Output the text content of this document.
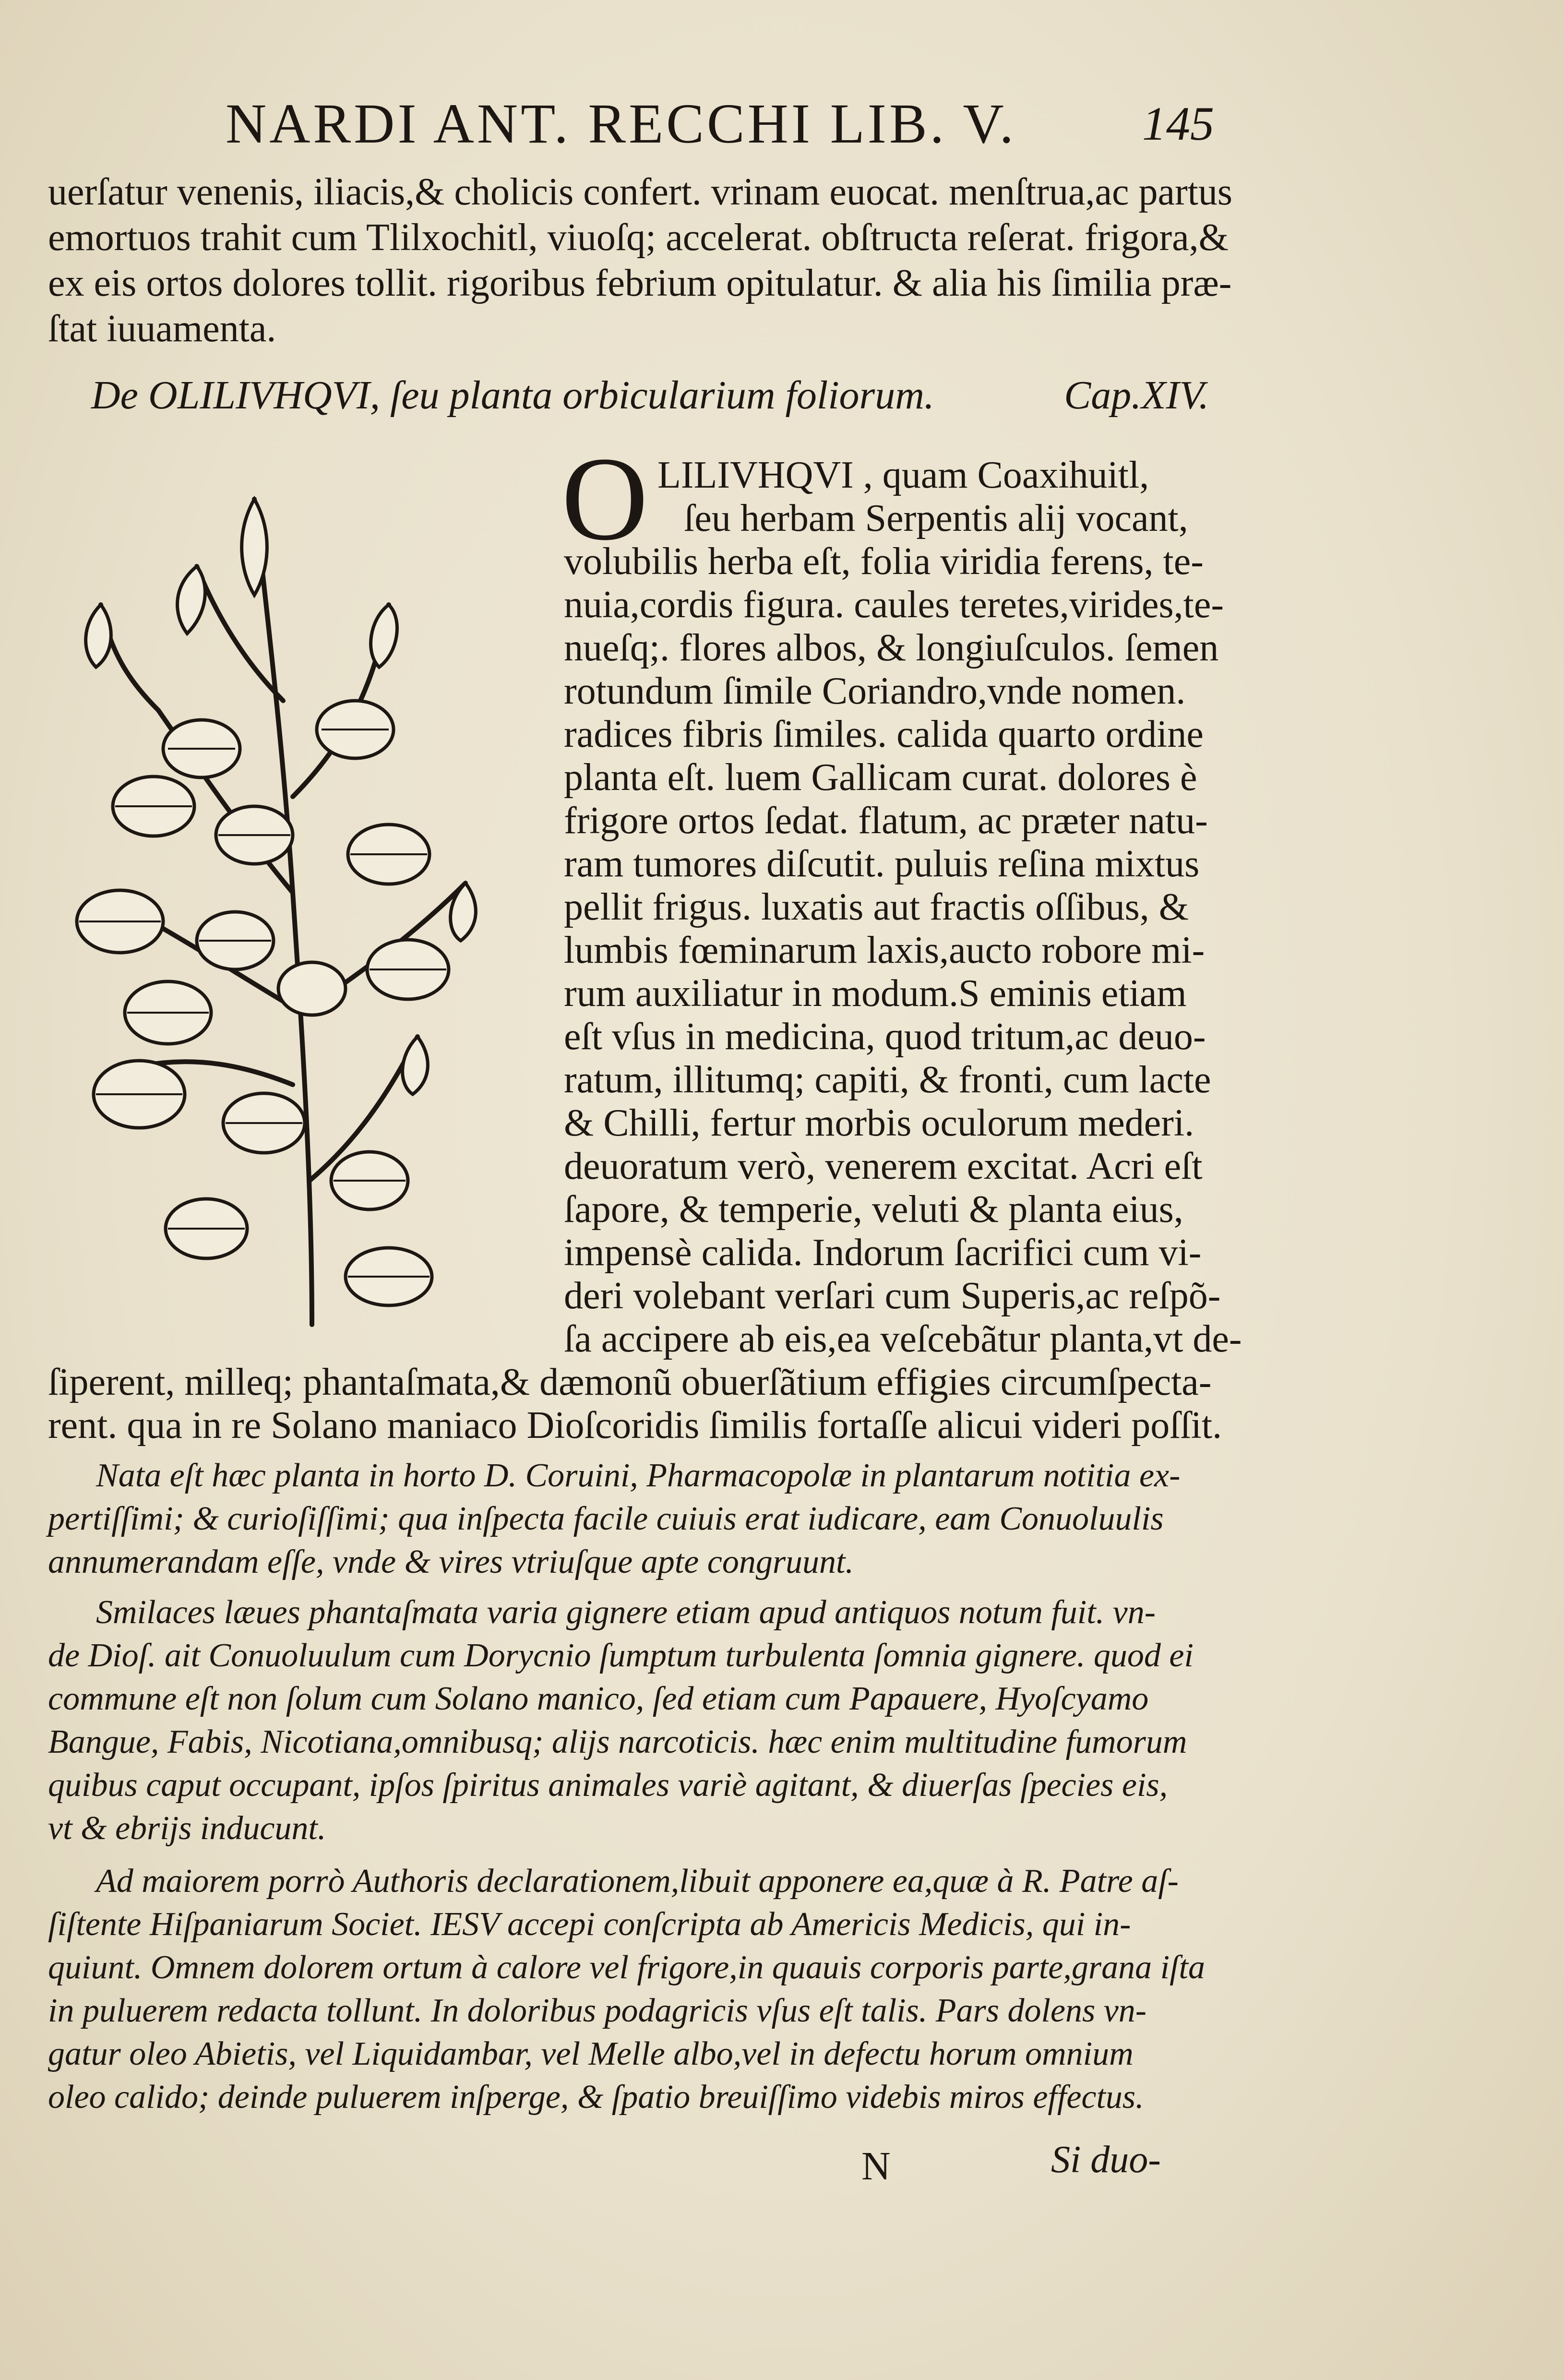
NARDI ANT. RECCHI LIB. V.	145
uerſatur venenis, iliacis,& cholicis confert. vrinam euocat. menſtrua,ac partus
emortuos trahit cum Tlilxochitl, viuoſq; accelerat. obſtructa reſerat. frigora,&
ex eis ortos dolores tollit. rigoribus febrium opitulatur. & alia his ſimilia præ-
ſtat iuuamenta.
De OLILIVHQVI, ſeu planta orbicularium foliorum.	Cap.XIV.
O LILIVHQVI , quam Coaxihuitl,
ſeu herbam Serpentis alij vocant,
volubilis herba eſt, folia viridia ferens, te-
nuia,cordis figura. caules teretes,virides,te-
nueſq;. flores albos, & longiuſculos. ſemen
rotundum ſimile Coriandro,vnde nomen.
radices fibris ſimiles. calida quarto ordine
planta eſt. luem Gallicam curat. dolores è
frigore ortos ſedat. flatum, ac præter natu-
ram tumores diſcutit. puluis reſina mixtus
pellit frigus. luxatis aut fractis oſſibus, &
lumbis fœminarum laxis,aucto robore mi-
rum auxiliatur in modum.S eminis etiam
eſt vſus in medicina, quod tritum,ac deuo-
ratum, illitumq; capiti, & fronti, cum lacte
& Chilli, fertur morbis oculorum mederi.
deuoratum verò, venerem excitat. Acri eſt
ſapore, & temperie, veluti & planta eius,
impensè calida. Indorum ſacrifici cum vi-
deri volebant verſari cum Superis,ac reſpõ-
ſa accipere ab eis,ea veſcebãtur planta,vt de-
ſiperent, milleq; phantaſmata,& dæmonũ obuerſãtium effigies circumſpecta-
rent. qua in re Solano maniaco Dioſcoridis ſimilis fortaſſe alicui videri poſſit.
Nata eſt hæc planta in horto D. Coruini, Pharmacopolæ in plantarum notitia ex-
pertiſſimi; & curioſiſſimi; qua inſpecta facile cuiuis erat iudicare, eam Conuoluulis
annumerandam eſſe, vnde & vires vtriuſque apte congruunt.
Smilaces læues phantaſmata varia gignere etiam apud antiquos notum fuit. vn-
de Dioſ. ait Conuoluulum cum Dorycnio ſumptum turbulenta ſomnia gignere. quod ei
commune eſt non ſolum cum Solano manico, ſed etiam cum Papauere, Hyoſcyamo
Bangue, Fabis, Nicotiana,omnibusq; alijs narcoticis. hæc enim multitudine fumorum
quibus caput occupant, ipſos ſpiritus animales variè agitant, & diuerſas ſpecies eis,
vt & ebrijs inducunt.
Ad maiorem porrò Authoris declarationem,libuit apponere ea,quæ à R. Patre aſ-
ſiſtente Hiſpaniarum Societ. IESV accepi conſcripta ab Americis Medicis, qui in-
quiunt. Omnem dolorem ortum à calore vel frigore,in quauis corporis parte,grana iſta
in puluerem redacta tollunt. In doloribus podagricis vſus eſt talis. Pars dolens vn-
gatur oleo Abietis, vel Liquidambar, vel Melle albo,vel in defectu horum omnium
oleo calido; deinde puluerem inſperge, & ſpatio breuiſſimo videbis miros effectus.
N	Si duo-
